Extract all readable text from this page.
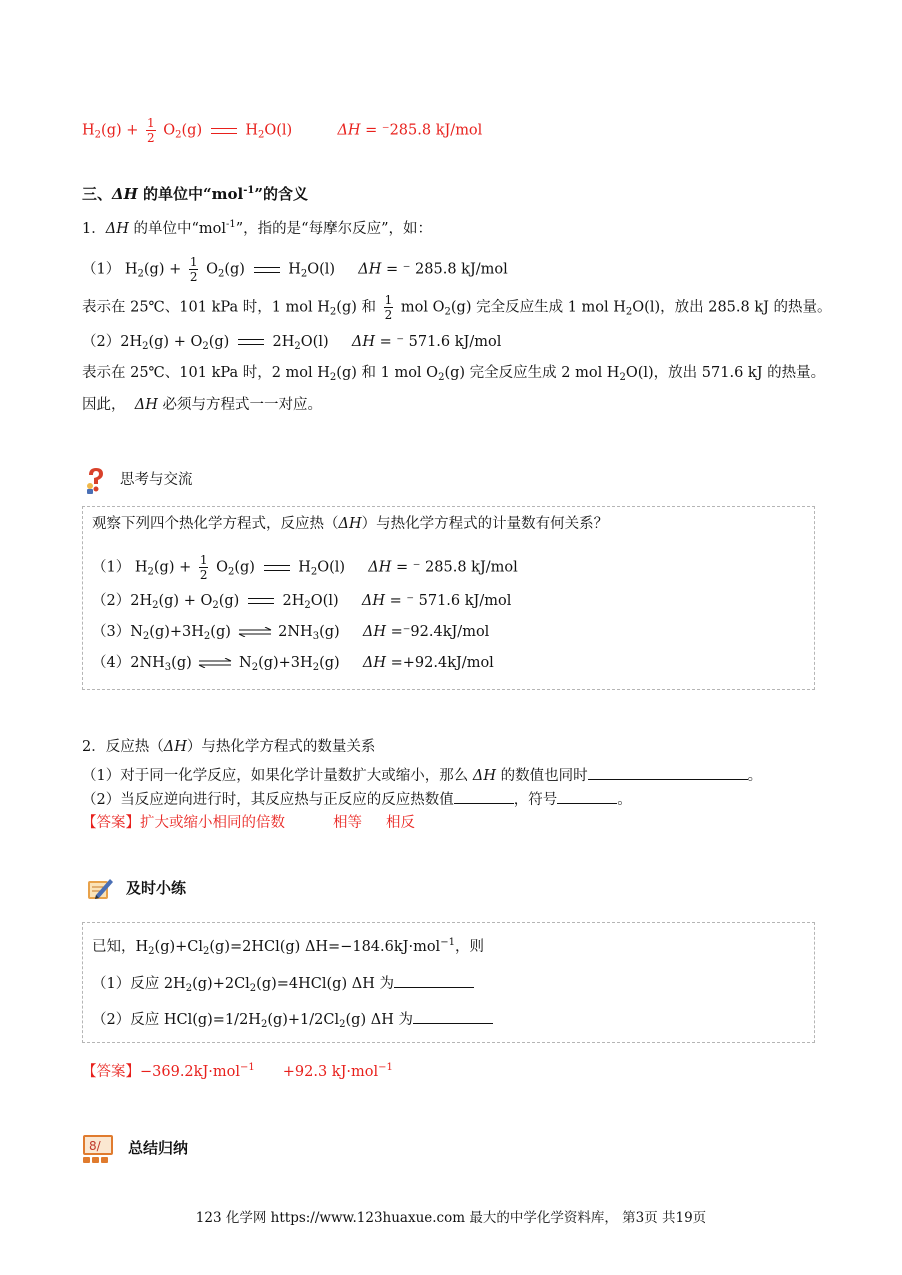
$H_2(g) + \frac{1}{2} O_2(g)$	$H_2O(l)$	ΔH = ⁻285.8 kJ/mol
三、ΔH 的单位中“mol$^{-1}$”的含义
1．ΔH 的单位中“mol$^{-1}$”，指的是“每摩尔反应”，如：
（1） $H_2(g) + \frac{1}{2} O_2(g)$	$H_2O(l) \Delta H$ = ⁻ 285.8 kJ/mol
表示在 25℃、101 kPa 时，1 mol $H_2(g)$ 和 $\frac{1}{2}$ mol $O_2(g)$ 完全反应生成 1 mol $H_2O(l)$，放出 285.8 kJ 的热量。
$(2)2H_2(g) + O_2(g)$	$2H_2O(l) \Delta H$ = ⁻ 571.6 kJ/mol
表示在 25℃、101 kPa 时，2 mol $H_2(g)$ 和 1 mol $O_2(g)$ 完全反应生成 2 mol $H_2O(l)$，放出 571.6 kJ 的热量。
因此，  ΔH 必须与方程式一一对应。
思考与交流
观察下列四个热化学方程式，反应热（ΔH）与热化学方程式的计量数有何关系？
（1） $H_2(g) + \frac{1}{2} O_2(g)$	$H_2O(l) \Delta H$ = ⁻ 285.8 kJ/mol
$(2)2H_2(g) + O_2(g)$	$2H_2O(l) \Delta H$ = ⁻ 571.6 kJ/mol
$(3)N_2(g)+3H_2(g)$ ⇌ $2NH_3(g)$ ΔH =⁻92.4kJ/mol
$(4)2NH_3(g)$ ⇌ $N_2(g)+3H_2(g)$ ΔH =+92.4kJ/mol
2．反应热（ΔH）与热化学方程式的数量关系
（1）对于同一化学反应，如果化学计量数扩大或缩小，那么 ΔH 的数值也同时	。
（2）当反应逆向进行时，其反应热与正反应的反应热数值	，符号	。
【答案】扩大或缩小相同的倍数	相等 相反
及时小练
已知，$H_2(g)+Cl_2(g)=2HCl(g)$ ΔH=−184.6kJ·mol$^{-1}$，则
（1）反应 $2H_2(g)+2Cl_2(g)=4HCl(g)$ ΔH 为
（2）反应 $HCl(g)=1/2H_2(g)+1/2Cl_2(g)$ ΔH 为
【答案】−369.2kJ·mol$^{-1}$ +92.3 kJ·mol$^{-1}$
8/ 总结归纳
123 化学网 https://www.123huaxue.com 最大的中学化学资料库， 第3页 共19页
